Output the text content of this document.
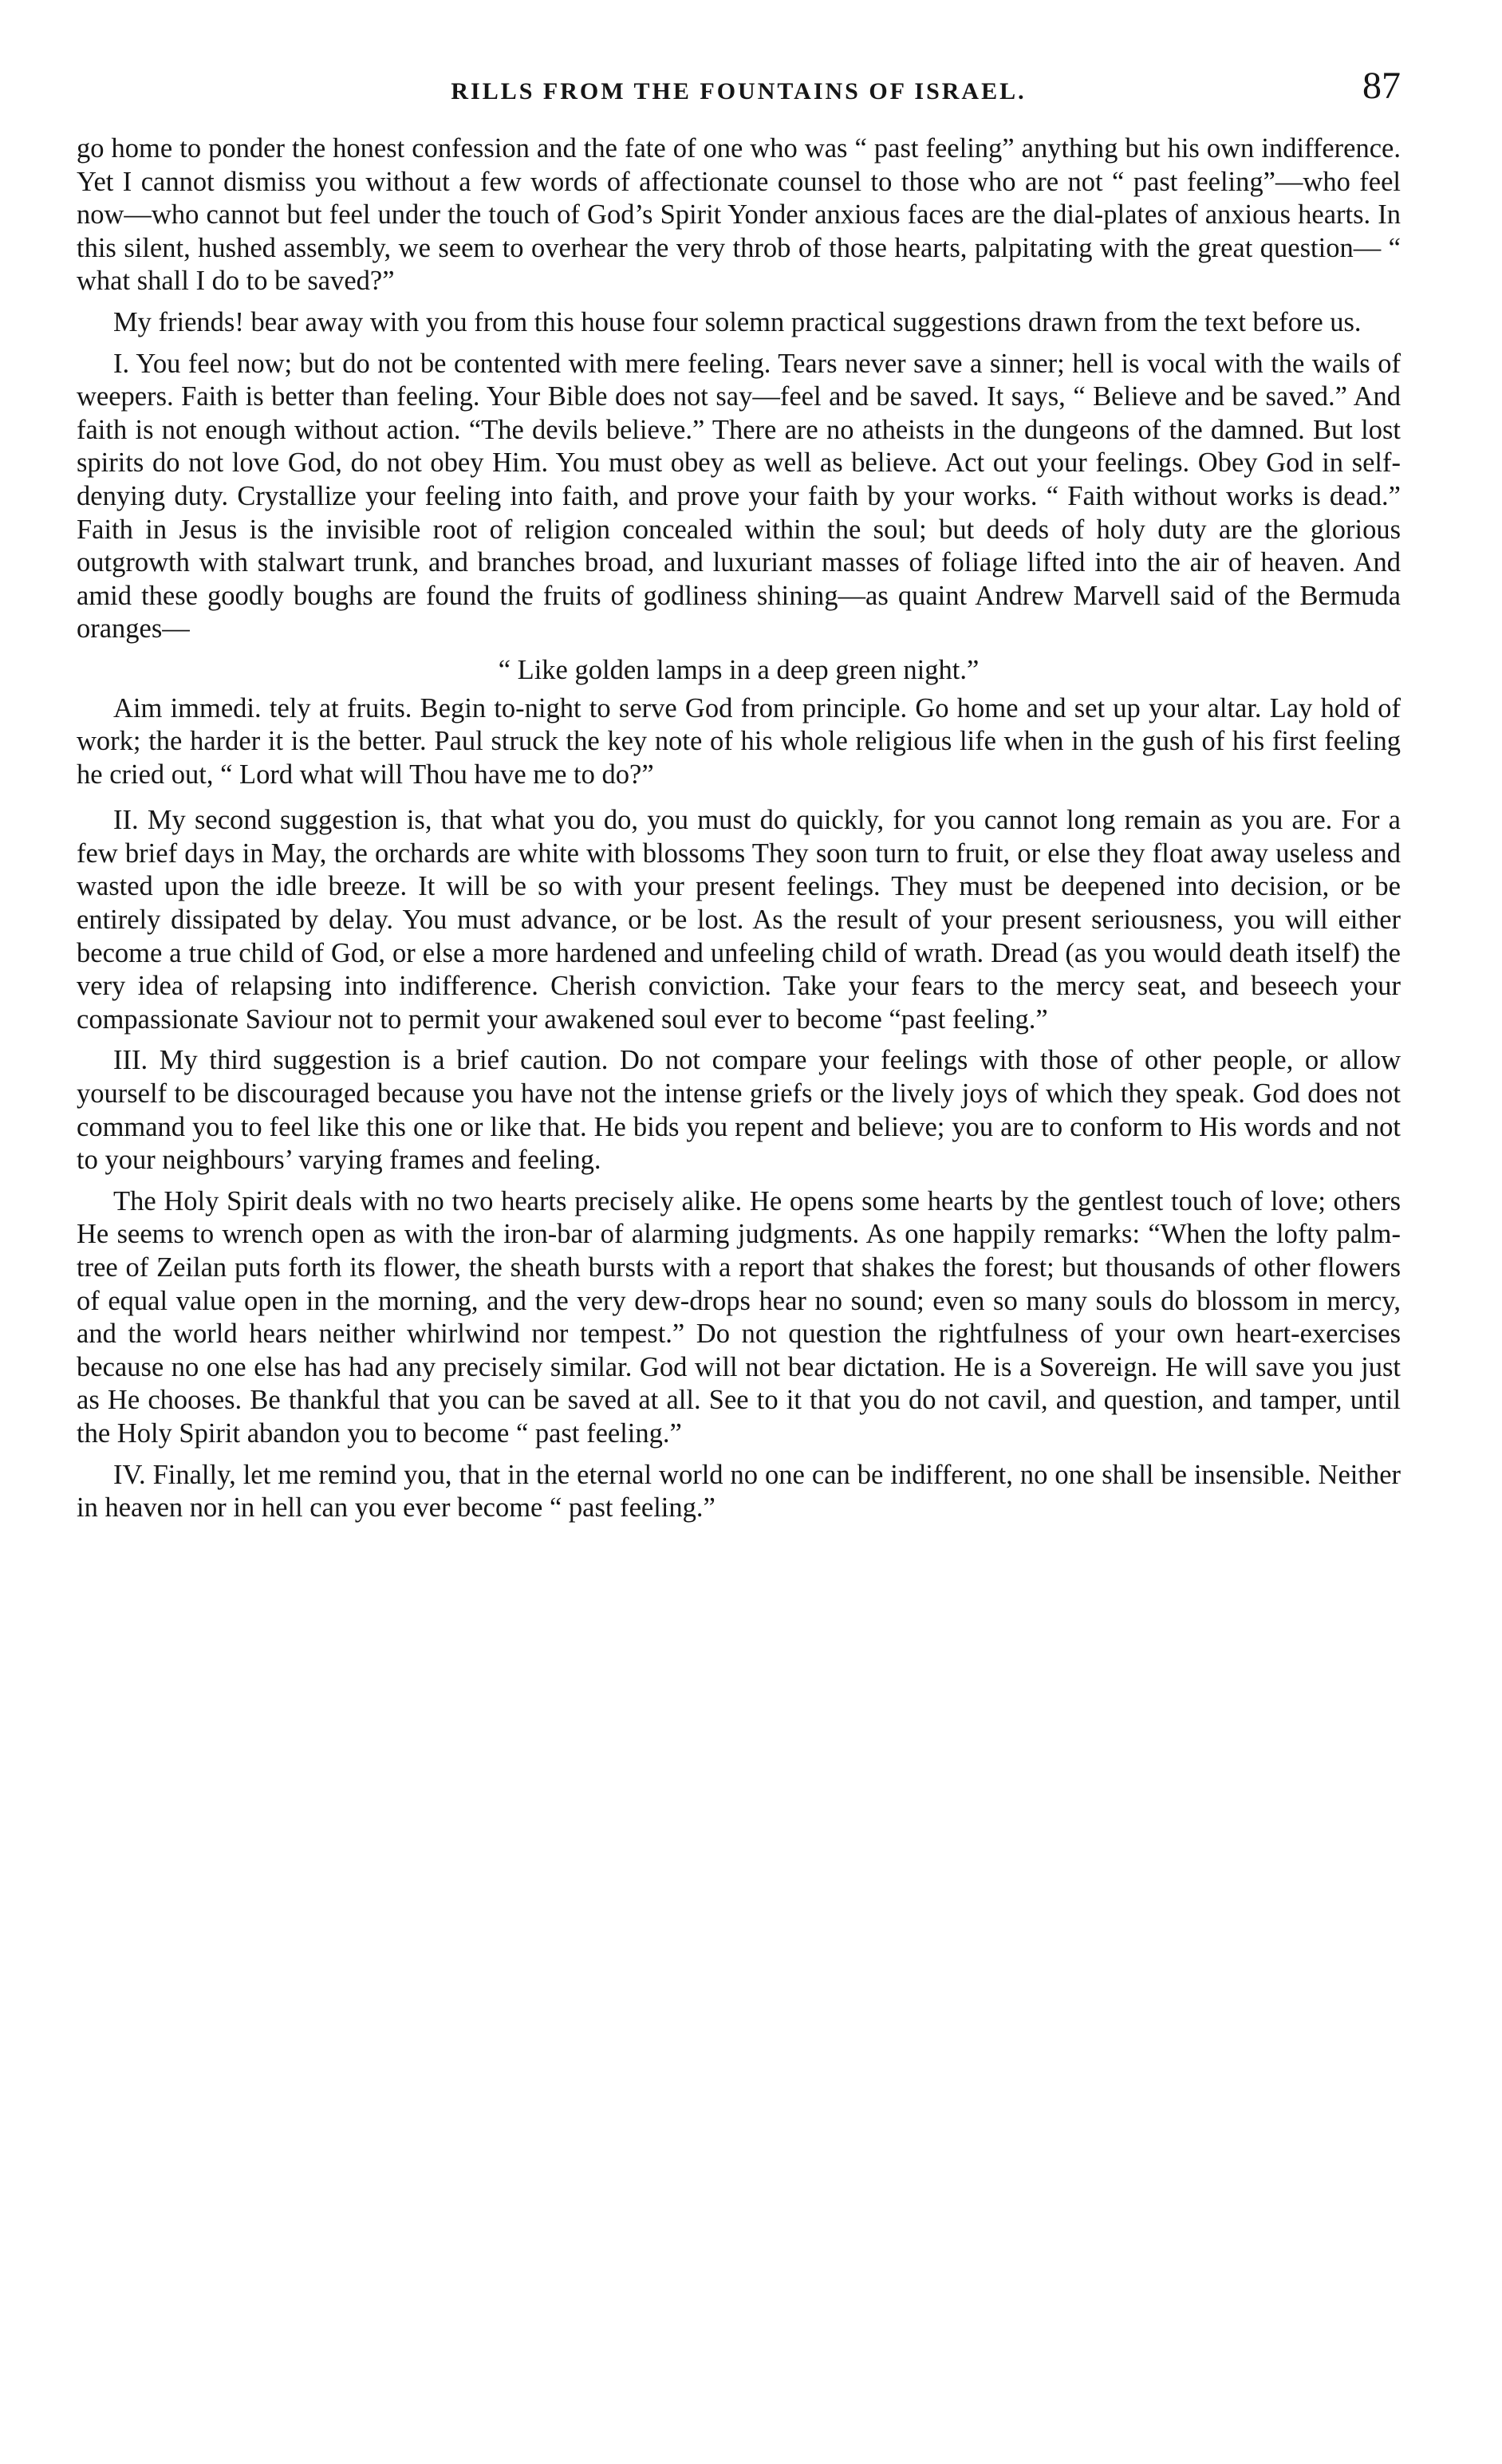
RILLS FROM THE FOUNTAINS OF ISRAEL.	87

go home to ponder the honest confession and the fate of one who was “ past feeling” anything but his own indifference. Yet I cannot dismiss you without a few words of affectionate counsel to those who are not “ past feeling”—who feel now—who cannot but feel under the touch of God’s Spirit Yonder anxious faces are the dial-plates of anxious hearts. In this silent, hushed assembly, we seem to overhear the very throb of those hearts, palpitating with the great question— “ what shall I do to be saved?”

My friends! bear away with you from this house four solemn practical suggestions drawn from the text before us.

I. You feel now; but do not be contented with mere feeling. Tears never save a sinner; hell is vocal with the wails of weepers. Faith is better than feeling. Your Bible does not say—feel and be saved. It says, “ Believe and be saved.” And faith is not enough without action. “The devils believe.” There are no atheists in the dungeons of the damned. But lost spirits do not love God, do not obey Him. You must obey as well as believe. Act out your feelings. Obey God in self-denying duty. Crystallize your feeling into faith, and prove your faith by your works. “ Faith without works is dead.” Faith in Jesus is the invisible root of religion concealed within the soul; but deeds of holy duty are the glorious outgrowth with stalwart trunk, and branches broad, and luxuriant masses of foliage lifted into the air of heaven. And amid these goodly boughs are found the fruits of godliness shining—as quaint Andrew Marvell said of the Bermuda oranges—

“ Like golden lamps in a deep green night.”

Aim immedi. tely at fruits. Begin to-night to serve God from principle. Go home and set up your altar. Lay hold of work; the harder it is the better. Paul struck the key note of his whole religious life when in the gush of his first feeling he cried out, “ Lord what will Thou have me to do?”

II. My second suggestion is, that what you do, you must do quickly, for you cannot long remain as you are. For a few brief days in May, the orchards are white with blossoms They soon turn to fruit, or else they float away useless and wasted upon the idle breeze. It will be so with your present feelings. They must be deepened into decision, or be entirely dissipated by delay. You must advance, or be lost. As the result of your present seriousness, you will either become a true child of God, or else a more hardened and unfeeling child of wrath. Dread (as you would death itself) the very idea of relapsing into indifference. Cherish conviction. Take your fears to the mercy seat, and beseech your compassionate Saviour not to permit your awakened soul ever to become “past feeling.”

III. My third suggestion is a brief caution. Do not compare your feelings with those of other people, or allow yourself to be discouraged because you have not the intense griefs or the lively joys of which they speak. God does not command you to feel like this one or like that. He bids you repent and believe; you are to conform to His words and not to your neighbours’ varying frames and feeling.

The Holy Spirit deals with no two hearts precisely alike. He opens some hearts by the gentlest touch of love; others He seems to wrench open as with the iron-bar of alarming judgments. As one happily remarks: “When the lofty palm-tree of Zeilan puts forth its flower, the sheath bursts with a report that shakes the forest; but thousands of other flowers of equal value open in the morning, and the very dew-drops hear no sound; even so many souls do blossom in mercy, and the world hears neither whirlwind nor tempest.” Do not question the rightfulness of your own heart-exercises because no one else has had any precisely similar. God will not bear dictation. He is a Sovereign. He will save you just as He chooses. Be thankful that you can be saved at all. See to it that you do not cavil, and question, and tamper, until the Holy Spirit abandon you to become “ past feeling.”

IV. Finally, let me remind you, that in the eternal world no one can be indifferent, no one shall be insensible. Neither in heaven nor in hell can you ever become “ past feeling.”
